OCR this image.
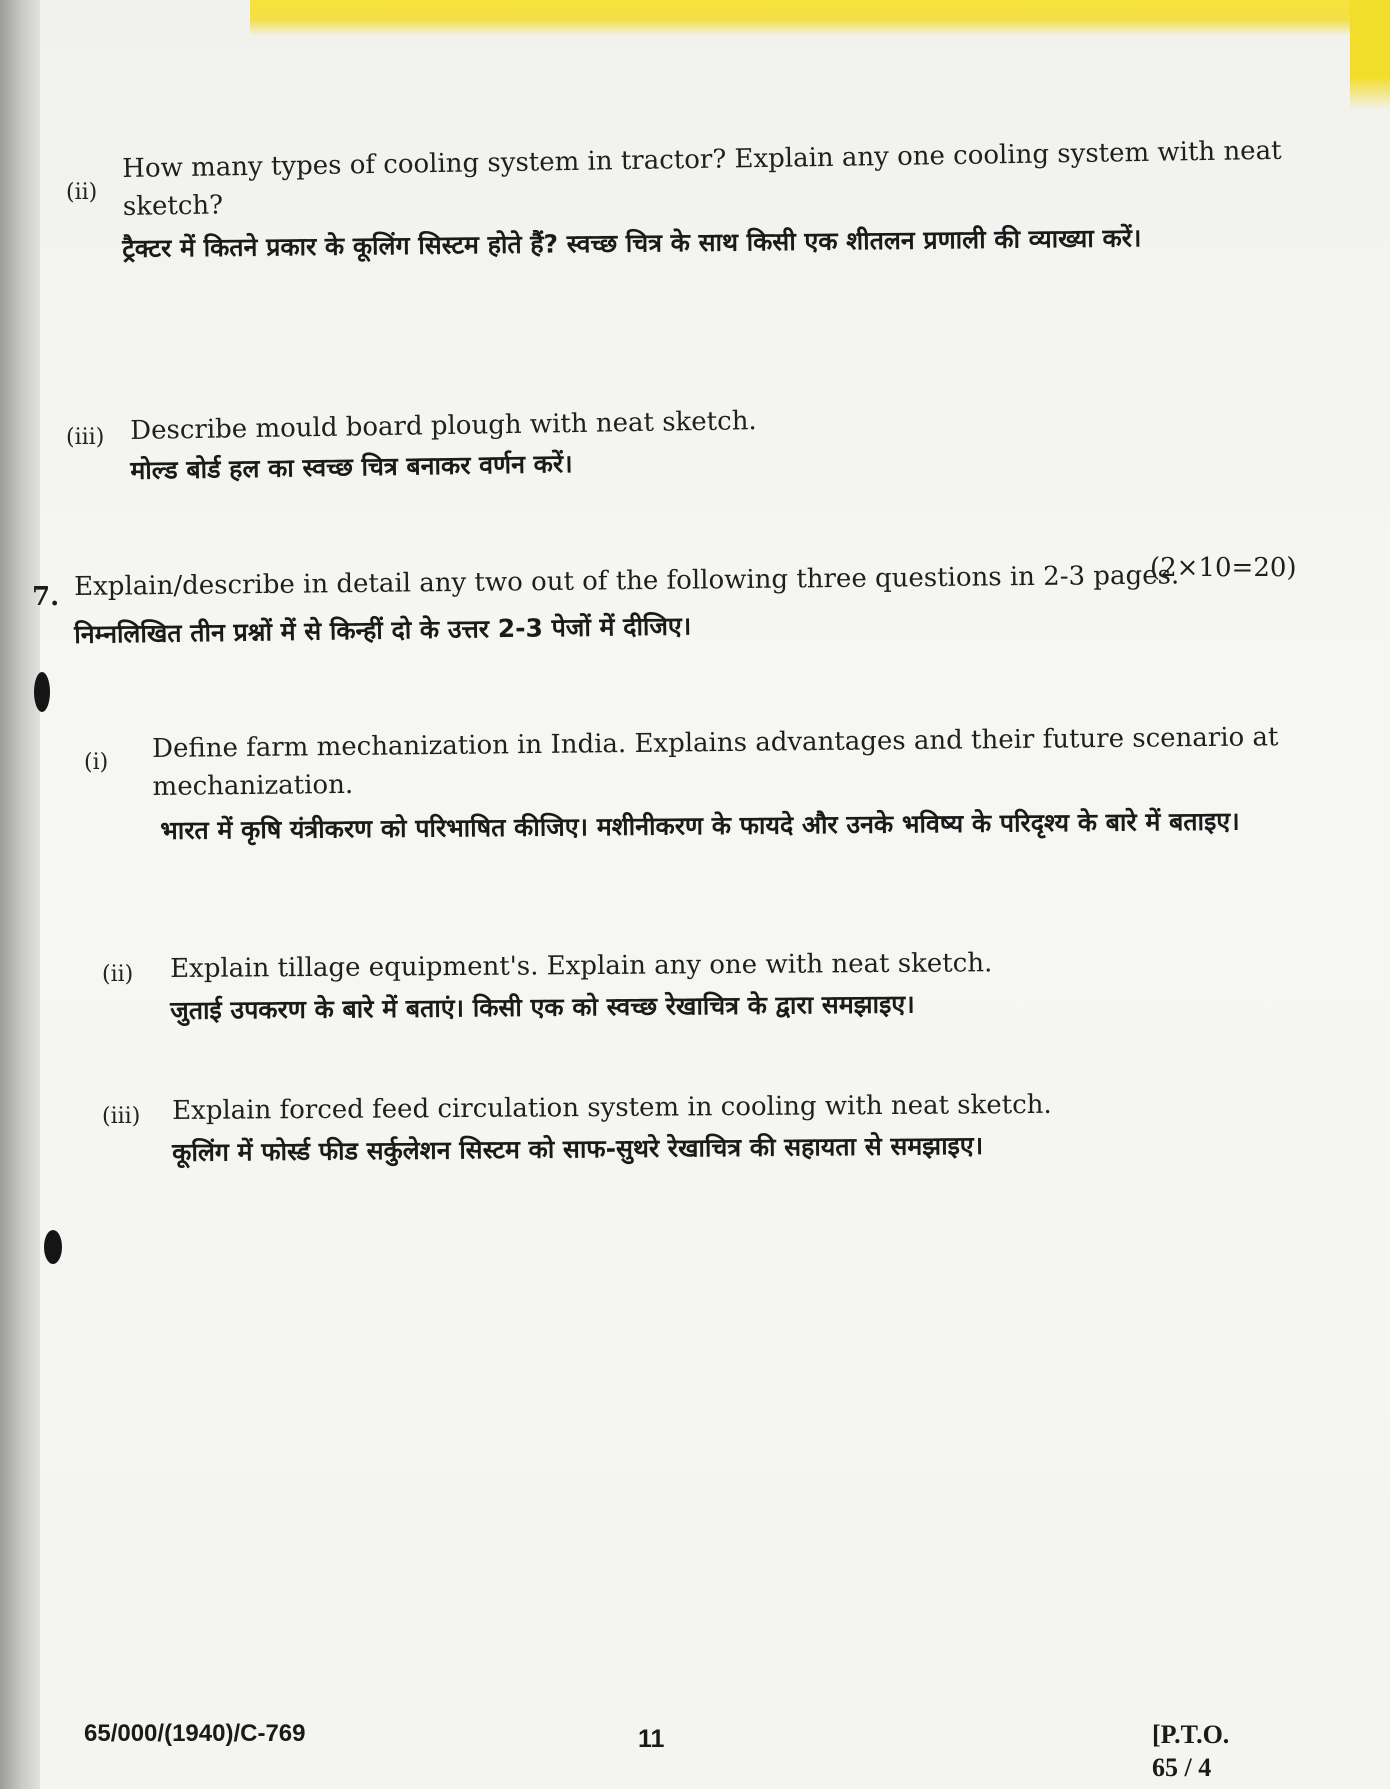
(ii)
How many types of cooling system in tractor? Explain any one cooling system with neat sketch?
ट्रैक्टर में कितने प्रकार के कूलिंग सिस्टम होते हैं? स्वच्छ चित्र के साथ किसी एक शीतलन प्रणाली की व्याख्या करें।
(iii) Describe mould board plough with neat sketch.
मोल्ड बोर्ड हल का स्वच्छ चित्र बनाकर वर्णन करें।
7. Explain/describe in detail any two out of the following three questions in 2-3 pages.
(2×10=20)
निम्नलिखित तीन प्रश्नों में से किन्हीं दो के उत्तर 2-3 पेजों में दीजिए।
(i) Define farm mechanization in India. Explains advantages and their future scenario at mechanization.
भारत में कृषि यंत्रीकरण को परिभाषित कीजिए। मशीनीकरण के फायदे और उनके भविष्य के परिदृश्य के बारे में बताइए।
(ii) Explain tillage equipment's. Explain any one with neat sketch.
जुताई उपकरण के बारे में बताएं। किसी एक को स्वच्छ रेखाचित्र के द्वारा समझाइए।
(iii) Explain forced feed circulation system in cooling with neat sketch.
कूलिंग में फोर्स्ड फीड सर्कुलेशन सिस्टम को साफ-सुथरे रेखाचित्र की सहायता से समझाइए।
65/000/(1940)/C-769	11	[P.T.O.
65 / 4
